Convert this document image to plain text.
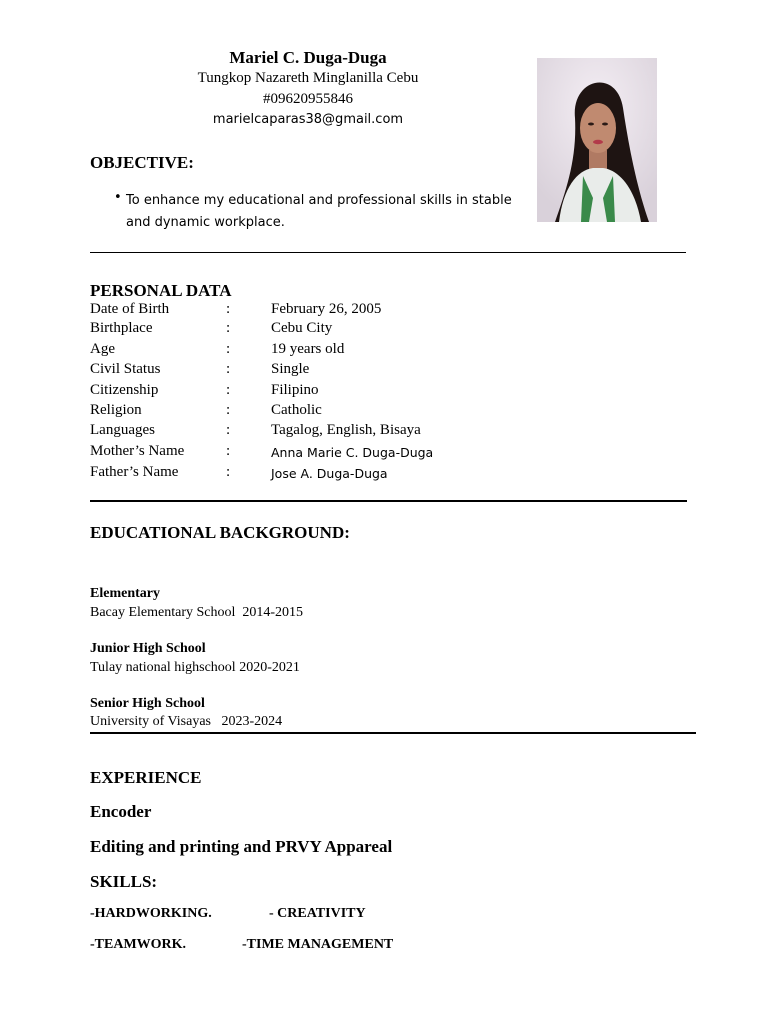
Mariel C. Duga-Duga
Tungkop Nazareth Minglanilla Cebu
#09620955846
marielcaparas38@gmail.com
OBJECTIVE:
• To enhance my educational and professional skills in stable and dynamic workplace.
PERSONAL DATA
Date of Birth	:	February 26, 2005
Birthplace	:	Cebu City
Age	:	19 years old
Civil Status	:	Single
Citizenship	:	Filipino
Religion	:	Catholic
Languages	:	Tagalog, English, Bisaya
Mother’s Name	:	Anna Marie C. Duga-Duga
Father’s Name	:	Jose A. Duga-Duga
EDUCATIONAL BACKGROUND:
Elementary
Bacay Elementary School  2014-2015
Junior High School
Tulay national highschool 2020-2021
Senior High School
University of Visayas   2023-2024
EXPERIENCE
Encoder
Editing and printing and PRVY Appareal
SKILLS:
-HARDWORKING.	- CREATIVITY
-TEAMWORK.	-TIME MANAGEMENT
